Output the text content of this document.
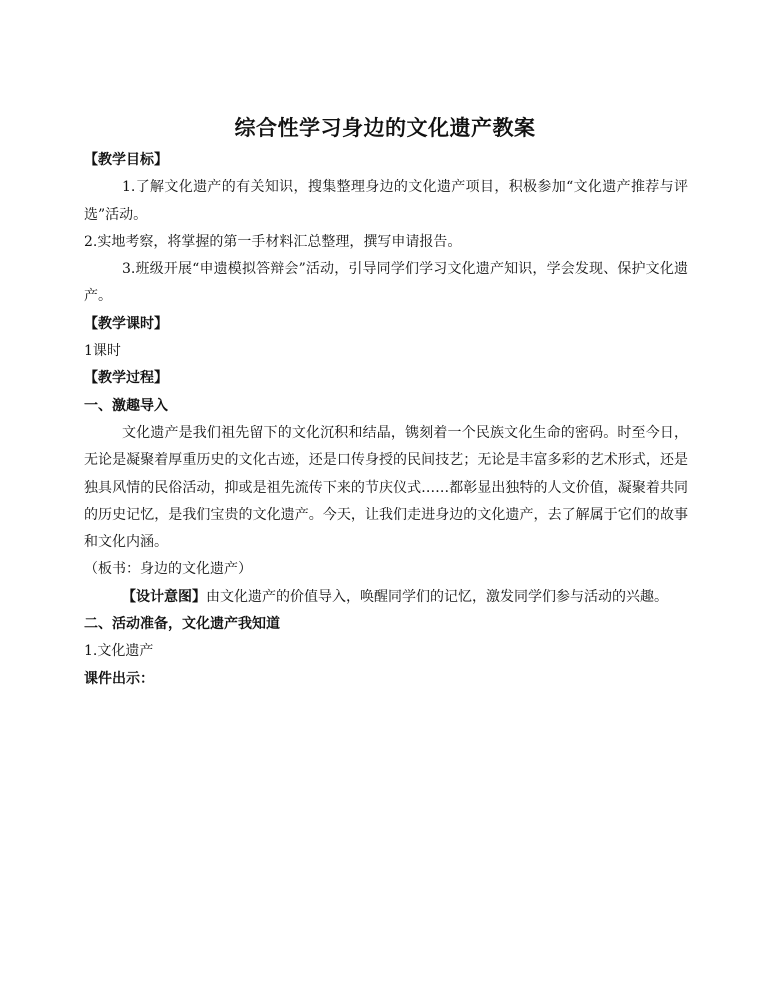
综合性学习身边的文化遗产教案

【教学目标】

1.了解文化遗产的有关知识，搜集整理身边的文化遗产项目，积极参加“文化遗产推荐与评选”活动。

2.实地考察，将掌握的第一手材料汇总整理，撰写申请报告。

3.班级开展“申遗模拟答辩会”活动，引导同学们学习文化遗产知识，学会发现、保护文化遗产。

【教学课时】

1课时

【教学过程】

一、激趣导入

文化遗产是我们祖先留下的文化沉积和结晶，镌刻着一个民族文化生命的密码。时至今日，无论是凝聚着厚重历史的文化古迹，还是口传身授的民间技艺；无论是丰富多彩的艺术形式，还是独具风情的民俗活动，抑或是祖先流传下来的节庆仪式……都彰显出独特的人文价值，凝聚着共同的历史记忆，是我们宝贵的文化遗产。今天，让我们走进身边的文化遗产，去了解属于它们的故事和文化内涵。

（板书：身边的文化遗产）

【设计意图】由文化遗产的价值导入，唤醒同学们的记忆，激发同学们参与活动的兴趣。

二、活动准备，文化遗产我知道

1.文化遗产

课件出示：
